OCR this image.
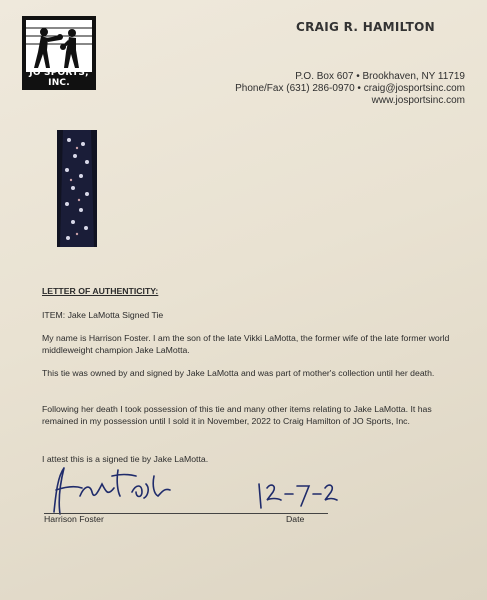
JO SPORTS, INC.
CRAIG R. HAMILTON
P.O. Box 607 • Brookhaven, NY 11719
Phone/Fax (631) 286-0970 • craig@josportsinc.com
www.josportsinc.com
LETTER OF AUTHENTICITY:
ITEM: Jake LaMotta Signed Tie
My name is Harrison Foster. I am the son of the late Vikki LaMotta, the former wife of the late former world middleweight champion Jake LaMotta.
This tie was owned by and signed by Jake LaMotta and was part of mother's collection until her death.
Following her death I took possession of this tie and many other items relating to Jake LaMotta. It has remained in my possession until I sold it in November, 2022 to Craig Hamilton of JO Sports, Inc.
I attest this is a signed tie by Jake LaMotta.
Harrison Foster	Date
